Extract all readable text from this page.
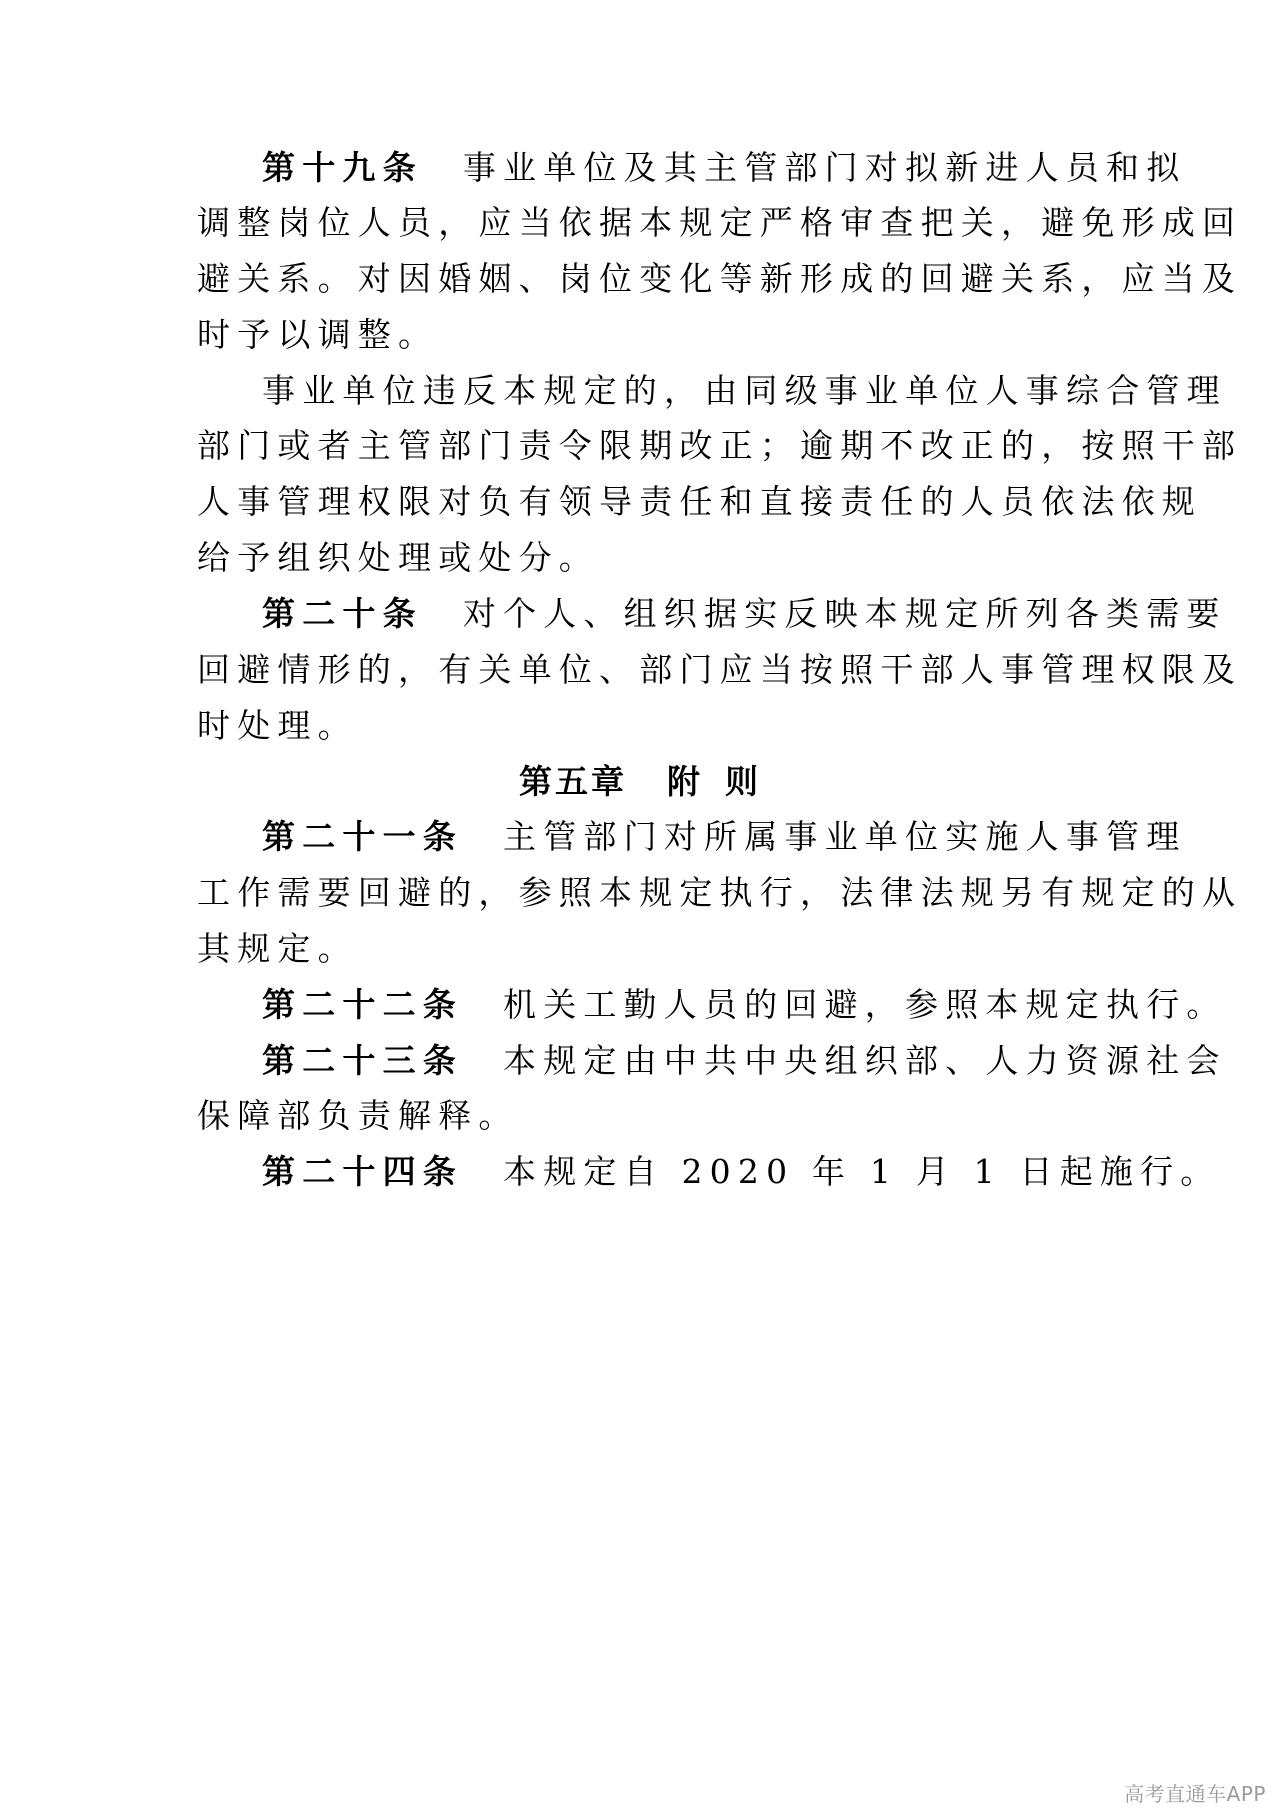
第十九条 事业单位及其主管部门对拟新进人员和拟
调整岗位人员，应当依据本规定严格审查把关，避免形成回
避关系。对因婚姻、岗位变化等新形成的回避关系，应当及
时予以调整。
事业单位违反本规定的，由同级事业单位人事综合管理
部门或者主管部门责令限期改正；逾期不改正的，按照干部
人事管理权限对负有领导责任和直接责任的人员依法依规
给予组织处理或处分。
第二十条 对个人、组织据实反映本规定所列各类需要
回避情形的，有关单位、部门应当按照干部人事管理权限及
时处理。
第五章 附 则
第二十一条 主管部门对所属事业单位实施人事管理
工作需要回避的，参照本规定执行，法律法规另有规定的从
其规定。
第二十二条 机关工勤人员的回避，参照本规定执行。
第二十三条 本规定由中共中央组织部、人力资源社会
保障部负责解释。
第二十四条 本规定自 2020 年 1 月 1 日起施行。
高考直通车APP
